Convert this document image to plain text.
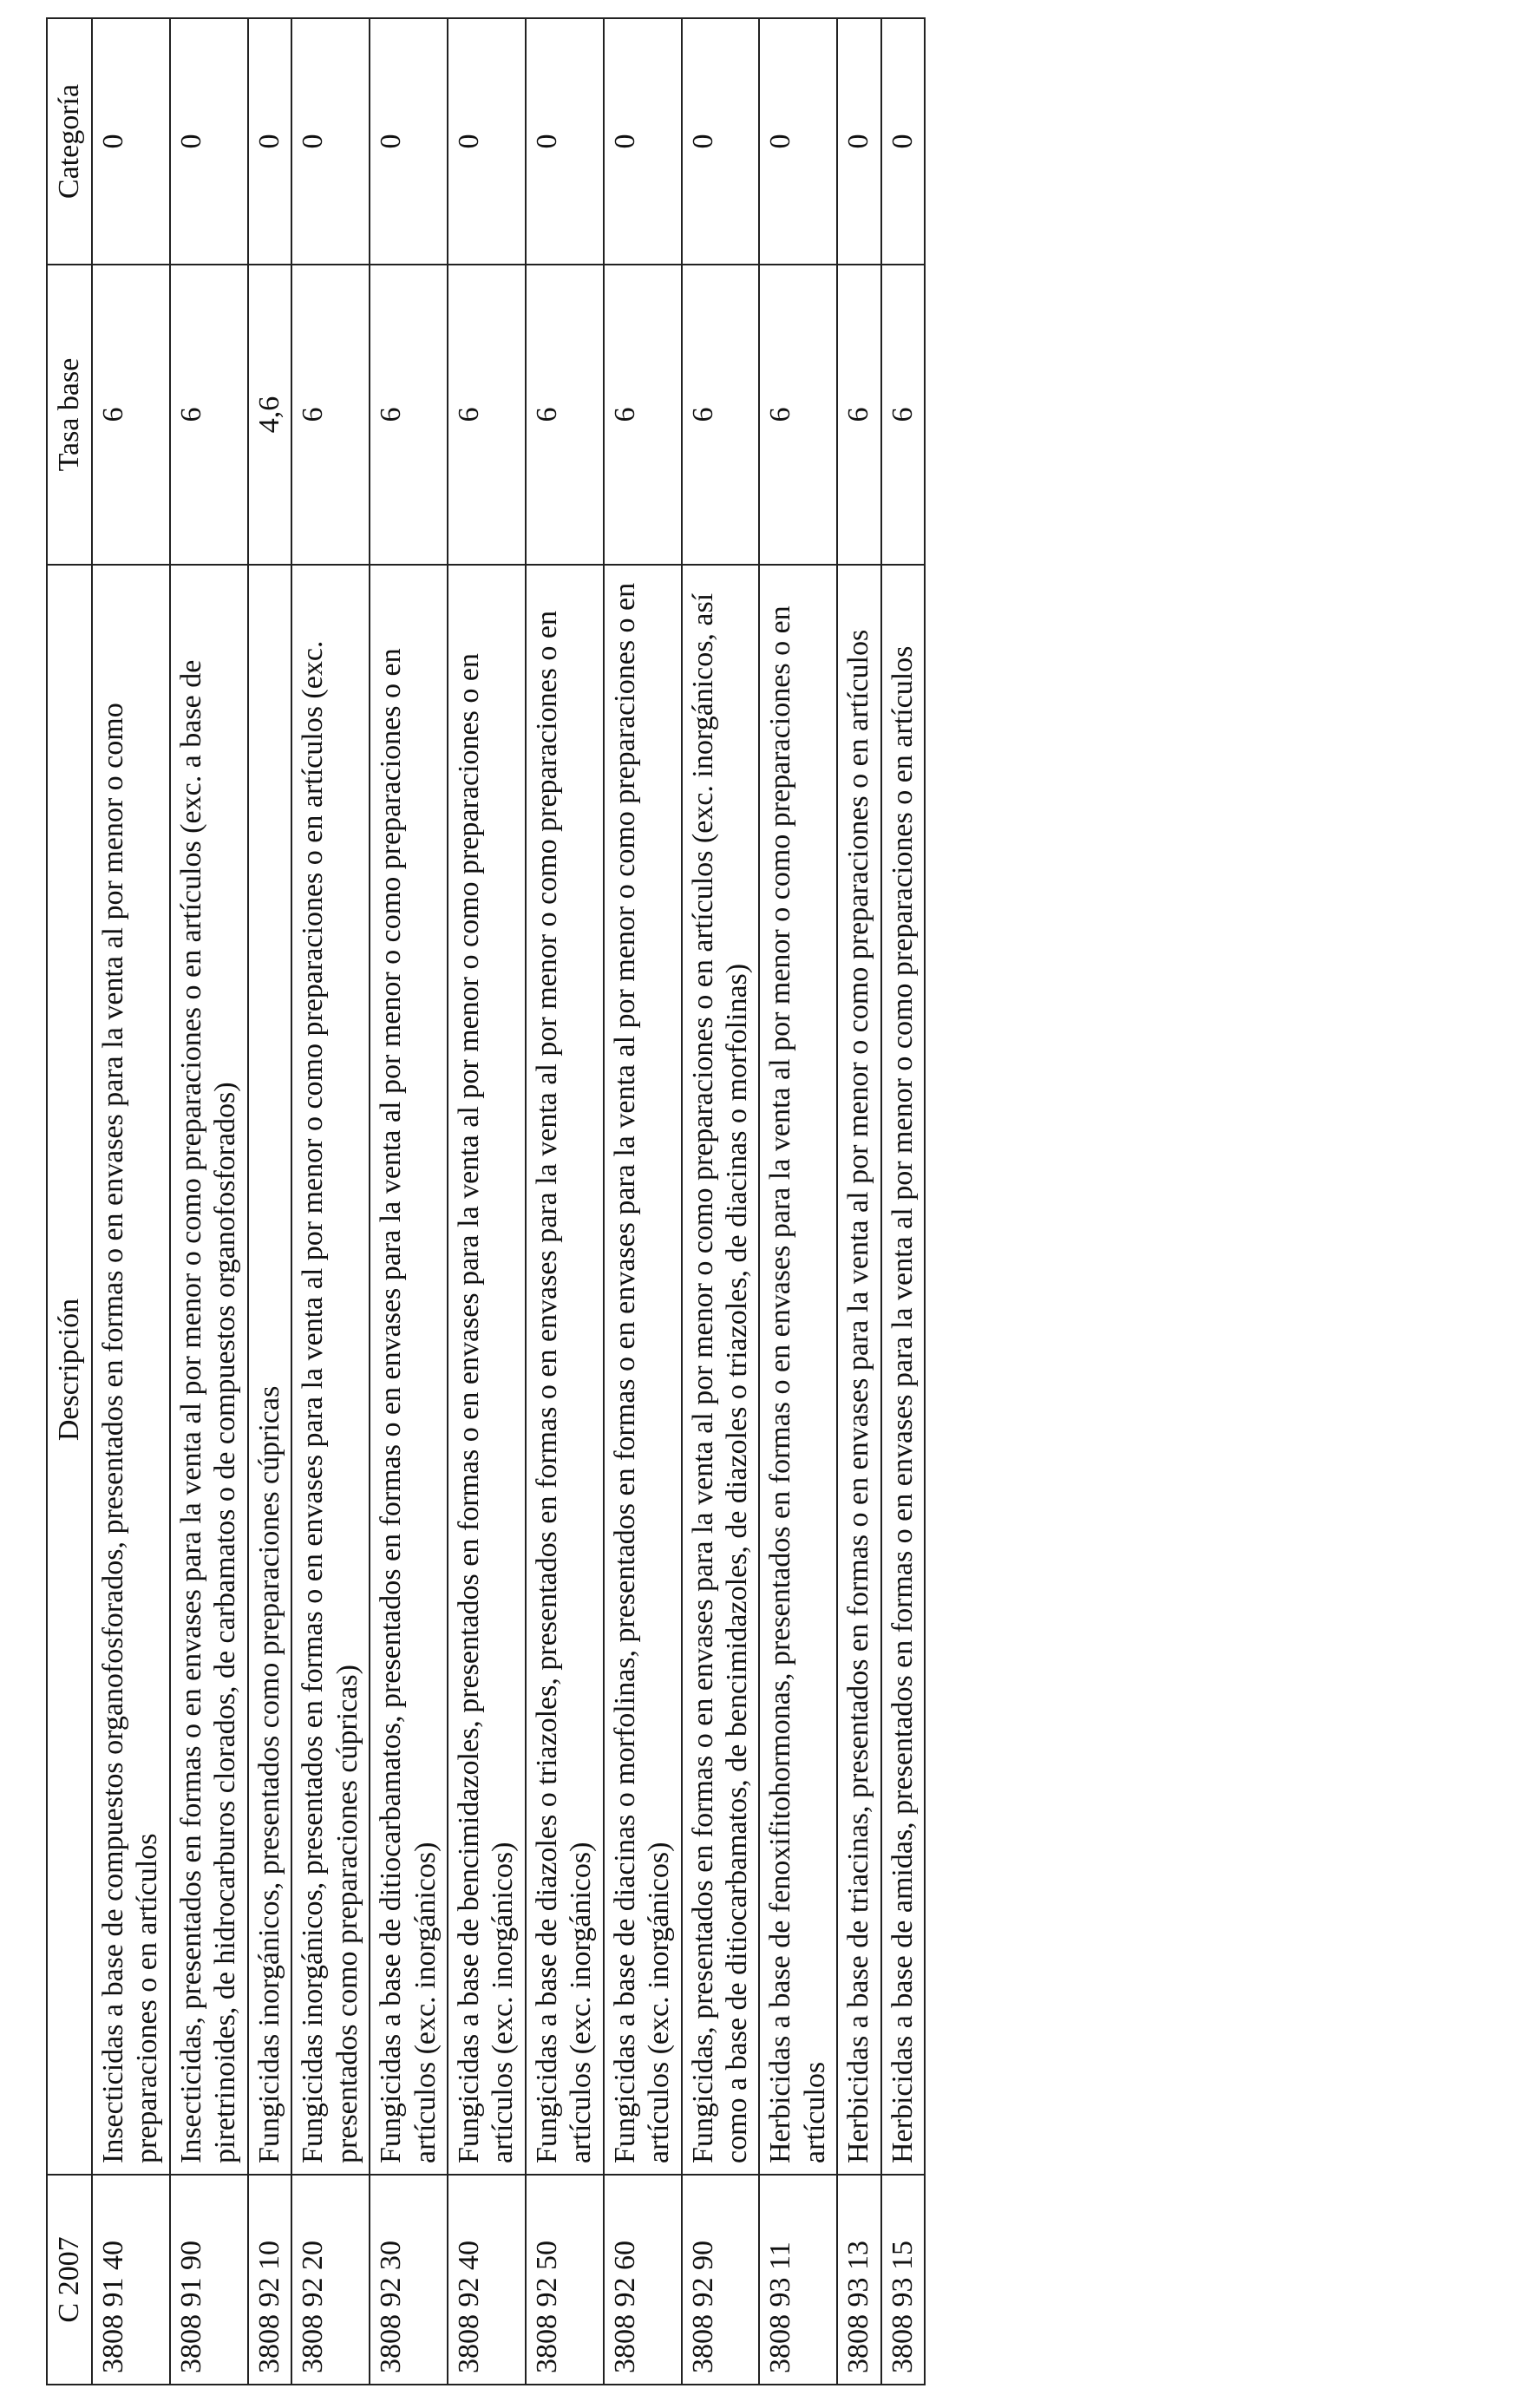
C 2007	Descripción	Tasa base	Categoría
3808 91 40	Insecticidas a base de compuestos organofosforados, presentados en formas o en envases para la venta al por menor o como preparaciones o en artículos	6	0
3808 91 90	Insecticidas, presentados en formas o en envases para la venta al por menor o como preparaciones o en artículos (exc. a base de piretrinoides, de hidrocarburos clorados, de carbamatos o de compuestos organofosforados)	6	0
3808 92 10	Fungicidas inorgánicos, presentados como preparaciones cúpricas	4,6	0
3808 92 20	Fungicidas inorgánicos, presentados en formas o en envases para la venta al por menor o como preparaciones o en artículos (exc. presentados como preparaciones cúpricas)	6	0
3808 92 30	Fungicidas a base de ditiocarbamatos, presentados en formas o en envases para la venta al por menor o como preparaciones o en artículos (exc. inorgánicos)	6	0
3808 92 40	Fungicidas a base de bencimidazoles, presentados en formas o en envases para la venta al por menor o como preparaciones o en artículos (exc. inorgánicos)	6	0
3808 92 50	Fungicidas a base de diazoles o triazoles, presentados en formas o en envases para la venta al por menor o como preparaciones o en artículos (exc. inorgánicos)	6	0
3808 92 60	Fungicidas a base de diacinas o morfolinas, presentados en formas o en envases para la venta al por menor o como preparaciones o en artículos (exc. inorgánicos)	6	0
3808 92 90	Fungicidas, presentados en formas o en envases para la venta al por menor o como preparaciones o en artículos (exc. inorgánicos, así como a base de ditiocarbamatos, de bencimidazoles, de diazoles o triazoles, de diacinas o morfolinas)	6	0
3808 93 11	Herbicidas a base de fenoxifitohormonas, presentados en formas o en envases para la venta al por menor o como preparaciones o en artículos	6	0
3808 93 13	Herbicidas a base de triacinas, presentados en formas o en envases para la venta al por menor o como preparaciones o en artículos	6	0
3808 93 15	Herbicidas a base de amidas, presentados en formas o en envases para la venta al por menor o como preparaciones o en artículos	6	0
